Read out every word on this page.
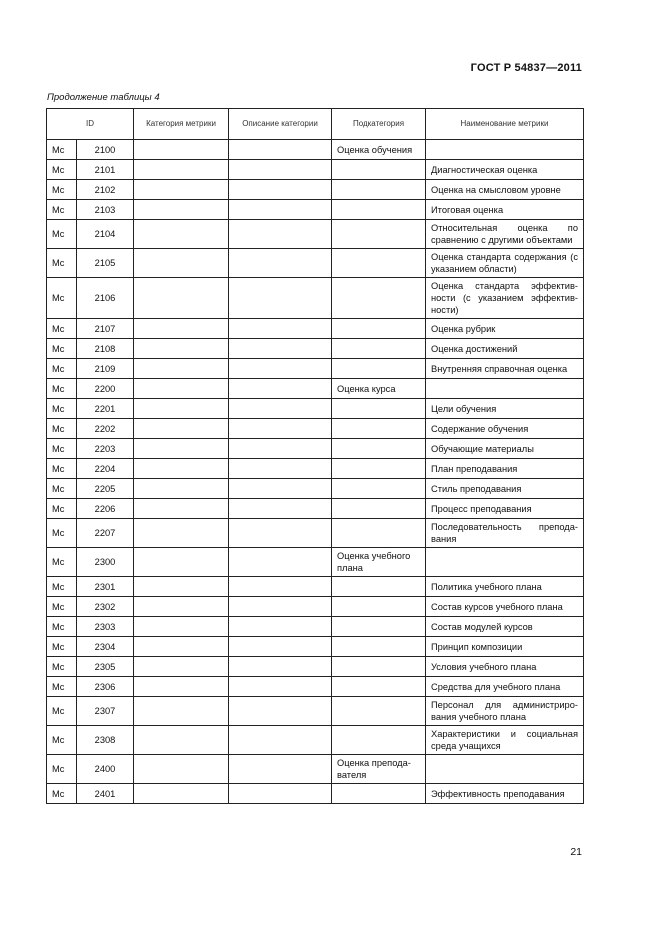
ГОСТ Р 54837—2011
Продолжение таблицы 4
ID		Категория метрики	Описание категории	Подкатегория	Наименование метрики
Mc	2100			Оценка обучения	
Mc	2101				Диагностическая оценка
Mc	2102				Оценка на смысловом уровне
Mc	2103				Итоговая оценка
Mc	2104				Относительная оценка по сравнению с другими объектами
Mc	2105				Оценка стандарта содержания (с указанием области)
Mc	2106				Оценка стандарта эффективности (с указанием эффективности)
Mc	2107				Оценка рубрик
Mc	2108				Оценка достижений
Mc	2109				Внутренняя справочная оценка
Mc	2200			Оценка курса	
Mc	2201				Цели обучения
Mc	2202				Содержание обучения
Mc	2203				Обучающие материалы
Mc	2204				План преподавания
Mc	2205				Стиль преподавания
Mc	2206				Процесс преподавания
Mc	2207				Последовательность преподавания
Mc	2300			Оценка учебного плана	
Mc	2301				Политика учебного плана
Mc	2302				Состав курсов учебного плана
Mc	2303				Состав модулей курсов
Mc	2304				Принцип композиции
Mc	2305				Условия учебного плана
Mc	2306				Средства для учебного плана
Mc	2307				Персонал для администрирования учебного плана
Mc	2308				Характеристики и социальная среда учащихся
Mc	2400			Оценка преподавателя	
Mc	2401				Эффективность преподавания
21
